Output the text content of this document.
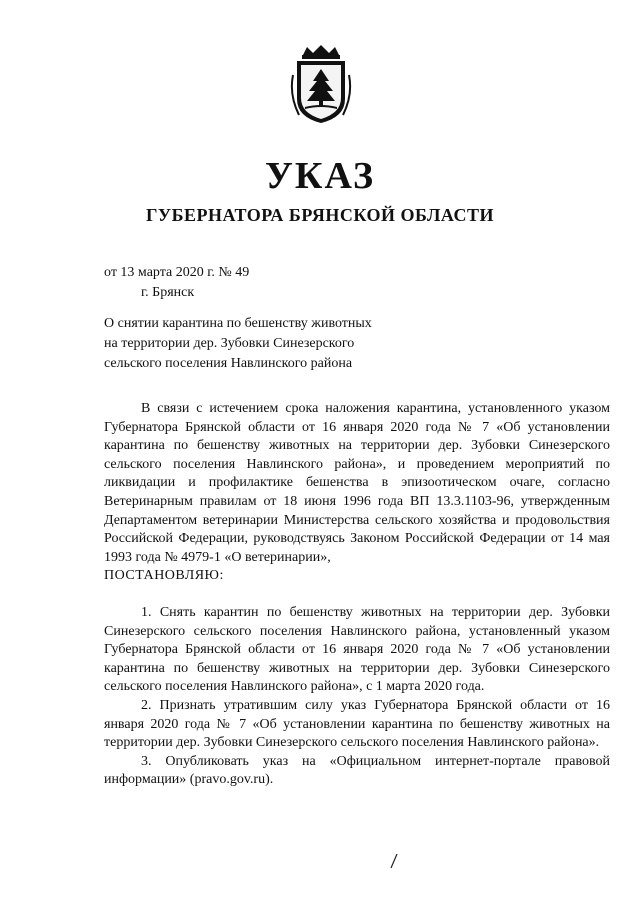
УКАЗ
ГУБЕРНАТОРА БРЯНСКОЙ ОБЛАСТИ
от 13 марта 2020 г. № 49
г. Брянск
О снятии карантина по бешенству животных
на территории дер. Зубовки Синезерского
сельского поселения Навлинского района

В связи с истечением срока наложения карантина, установленного указом Губернатора Брянской области от 16 января 2020 года № 7 «Об установлении карантина по бешенству животных на территории дер. Зубовки Синезерского сельского поселения Навлинского района», и проведением мероприятий по ликвидации и профилактике бешенства в эпизоотическом очаге, согласно Ветеринарным правилам от 18 июня 1996 года ВП 13.3.1103-96, утвержденным Департаментом ветеринарии Министерства сельского хозяйства и продовольствия Российской Федерации, руководствуясь Законом Российской Федерации от 14 мая 1993 года № 4979-1 «О ветеринарии»,

ПОСТАНОВЛЯЮ:

1. Снять карантин по бешенству животных на территории дер. Зубовки Синезерского сельского поселения Навлинского района, установленный указом Губернатора Брянской области от 16 января 2020 года № 7 «Об установлении карантина по бешенству животных на территории дер. Зубовки Синезерского сельского поселения Навлинского района», с 1 марта 2020 года.

2. Признать утратившим силу указ Губернатора Брянской области от 16 января 2020 года № 7 «Об установлении карантина по бешенству животных на территории дер. Зубовки Синезерского сельского поселения Навлинского района».

3. Опубликовать указ на «Официальном интернет-портале правовой информации» (pravo.gov.ru).
